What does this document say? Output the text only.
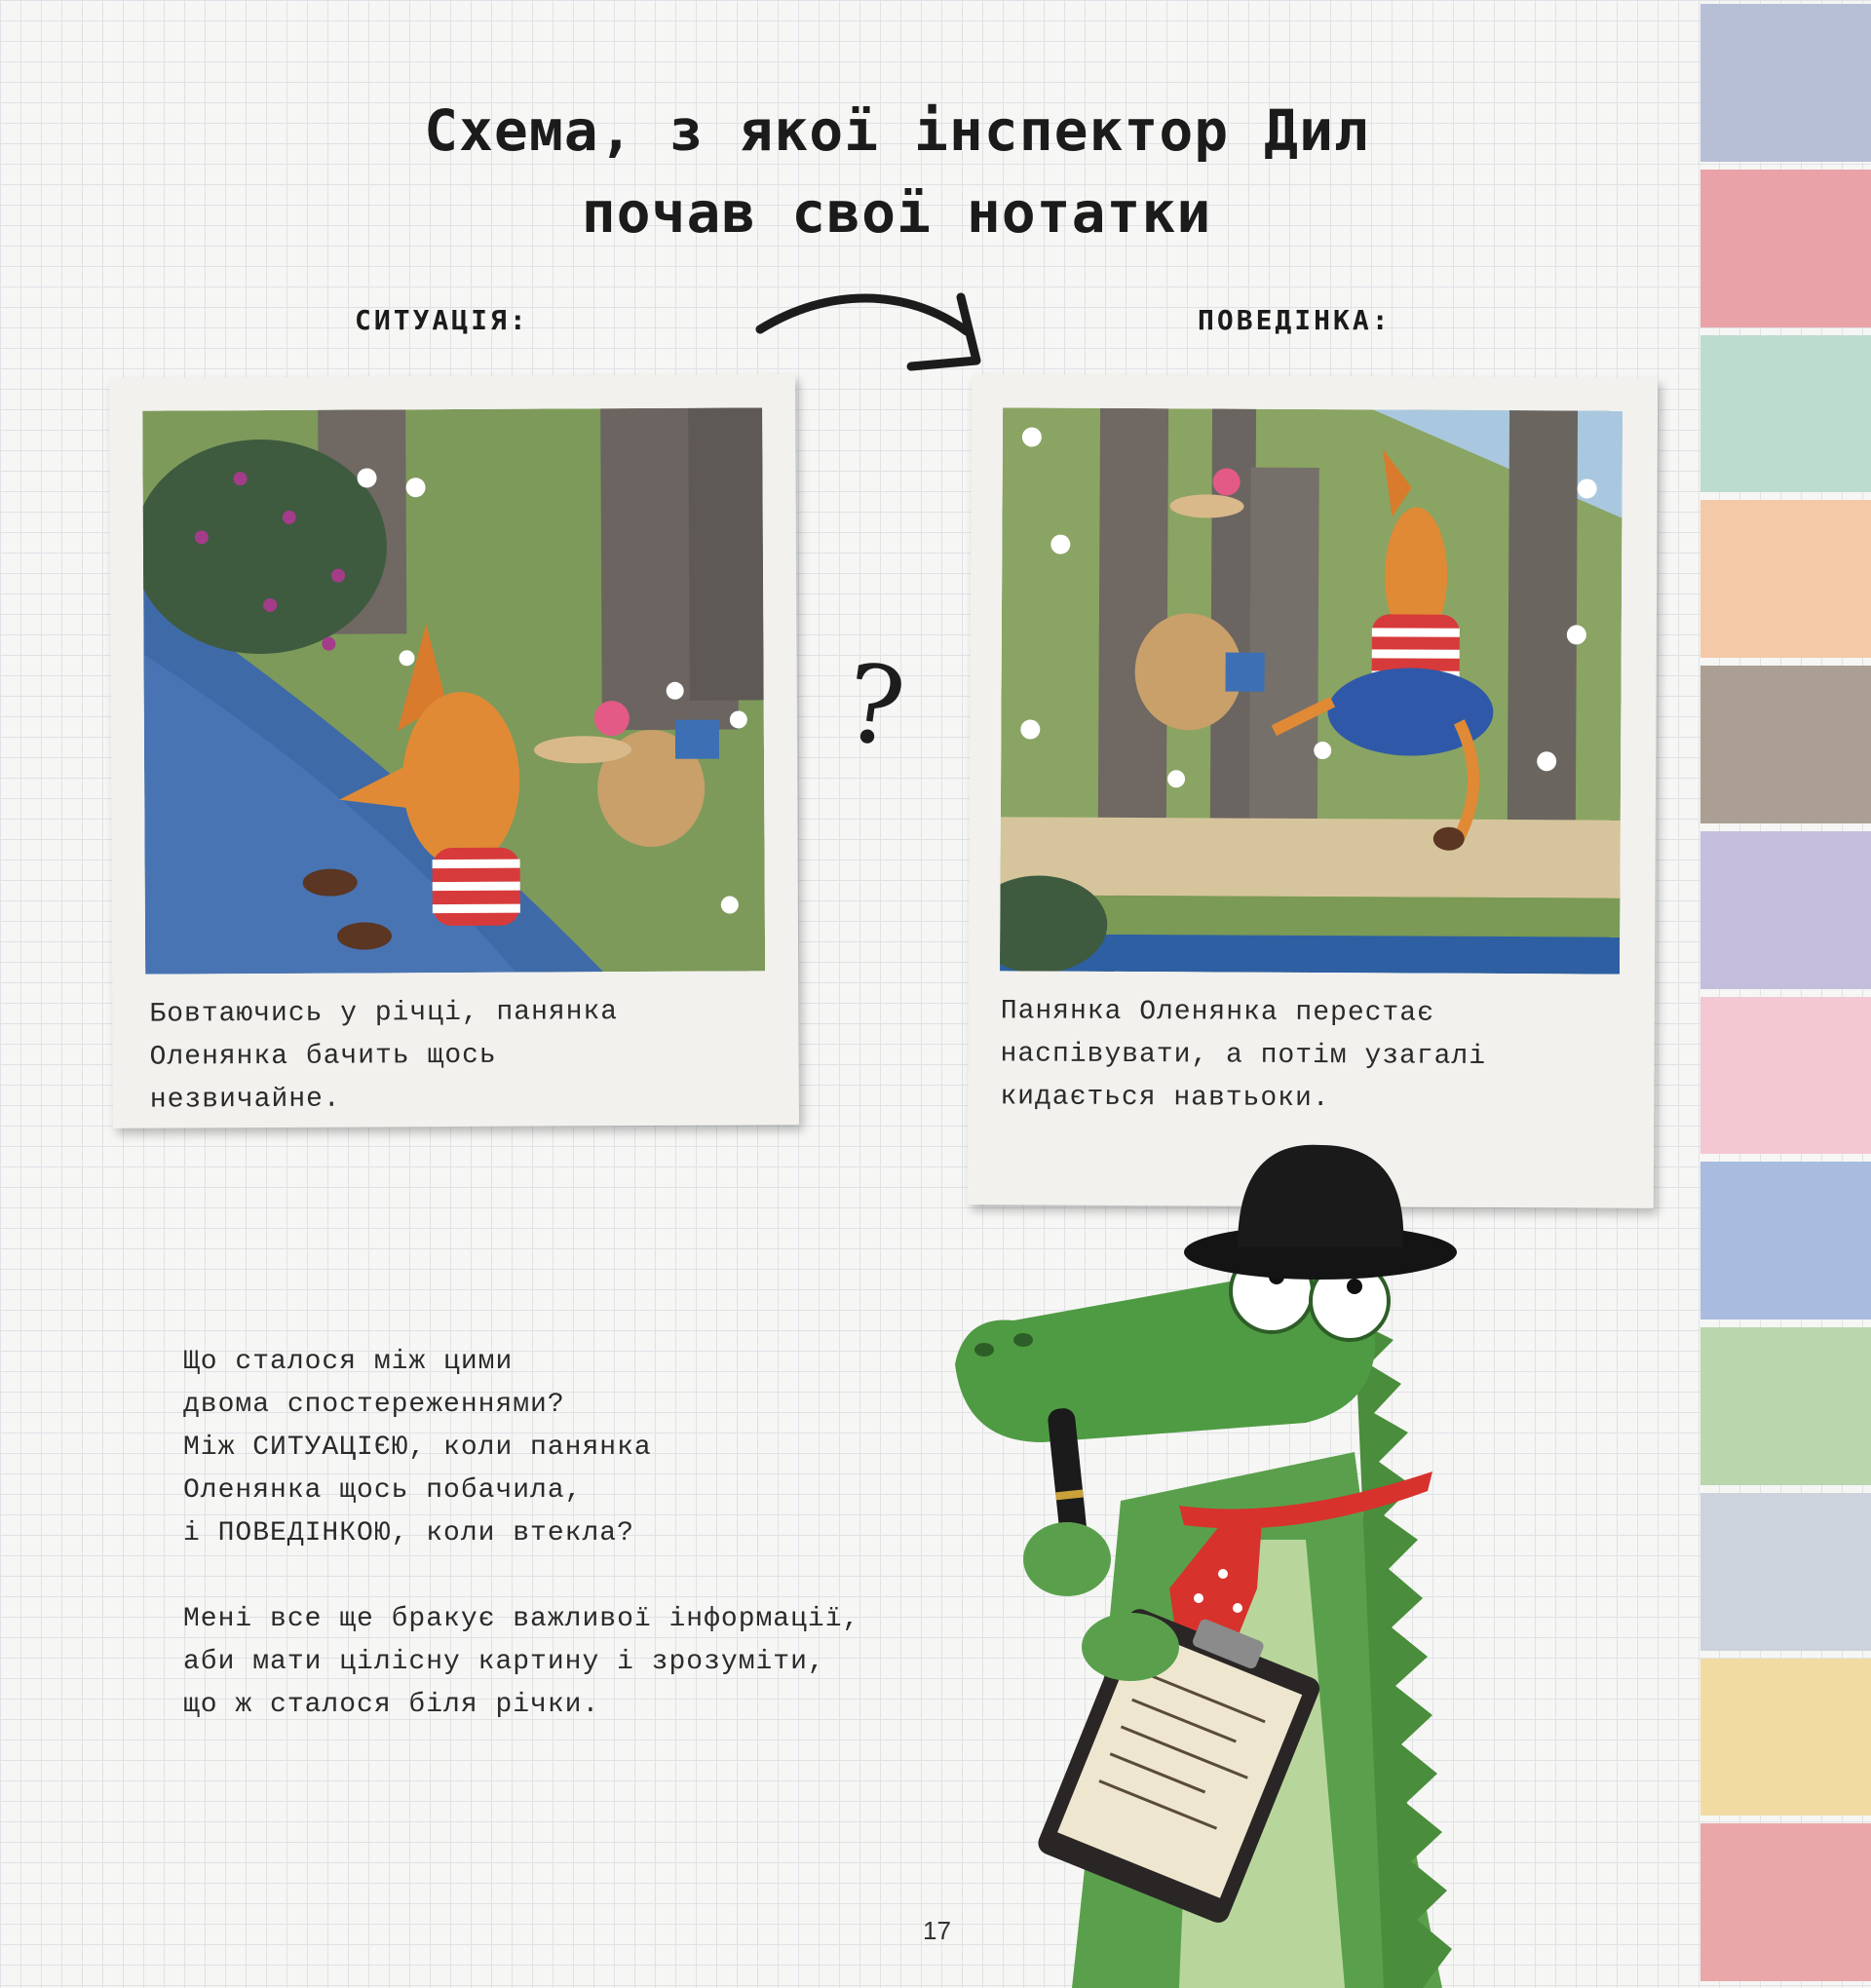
Схема, з якої інспектор Дил
почав свої нотатки
СИТУАЦІЯ:	ПОВЕДІНКА:
Бовтаючись у річці, панянка
Оленянка бачить щось
незвичайне.
?
Панянка Оленянка перестає
наспівувати, а потім узагалі
кидається навтьоки.
Що сталося між цими
двома спостереженнями?
Між СИТУАЦІЄЮ, коли панянка
Оленянка щось побачила,
і ПОВЕДІНКОЮ, коли втекла?
Мені все ще бракує важливої інформації,
аби мати цілісну картину і зрозуміти,
що ж сталося біля річки.
17
